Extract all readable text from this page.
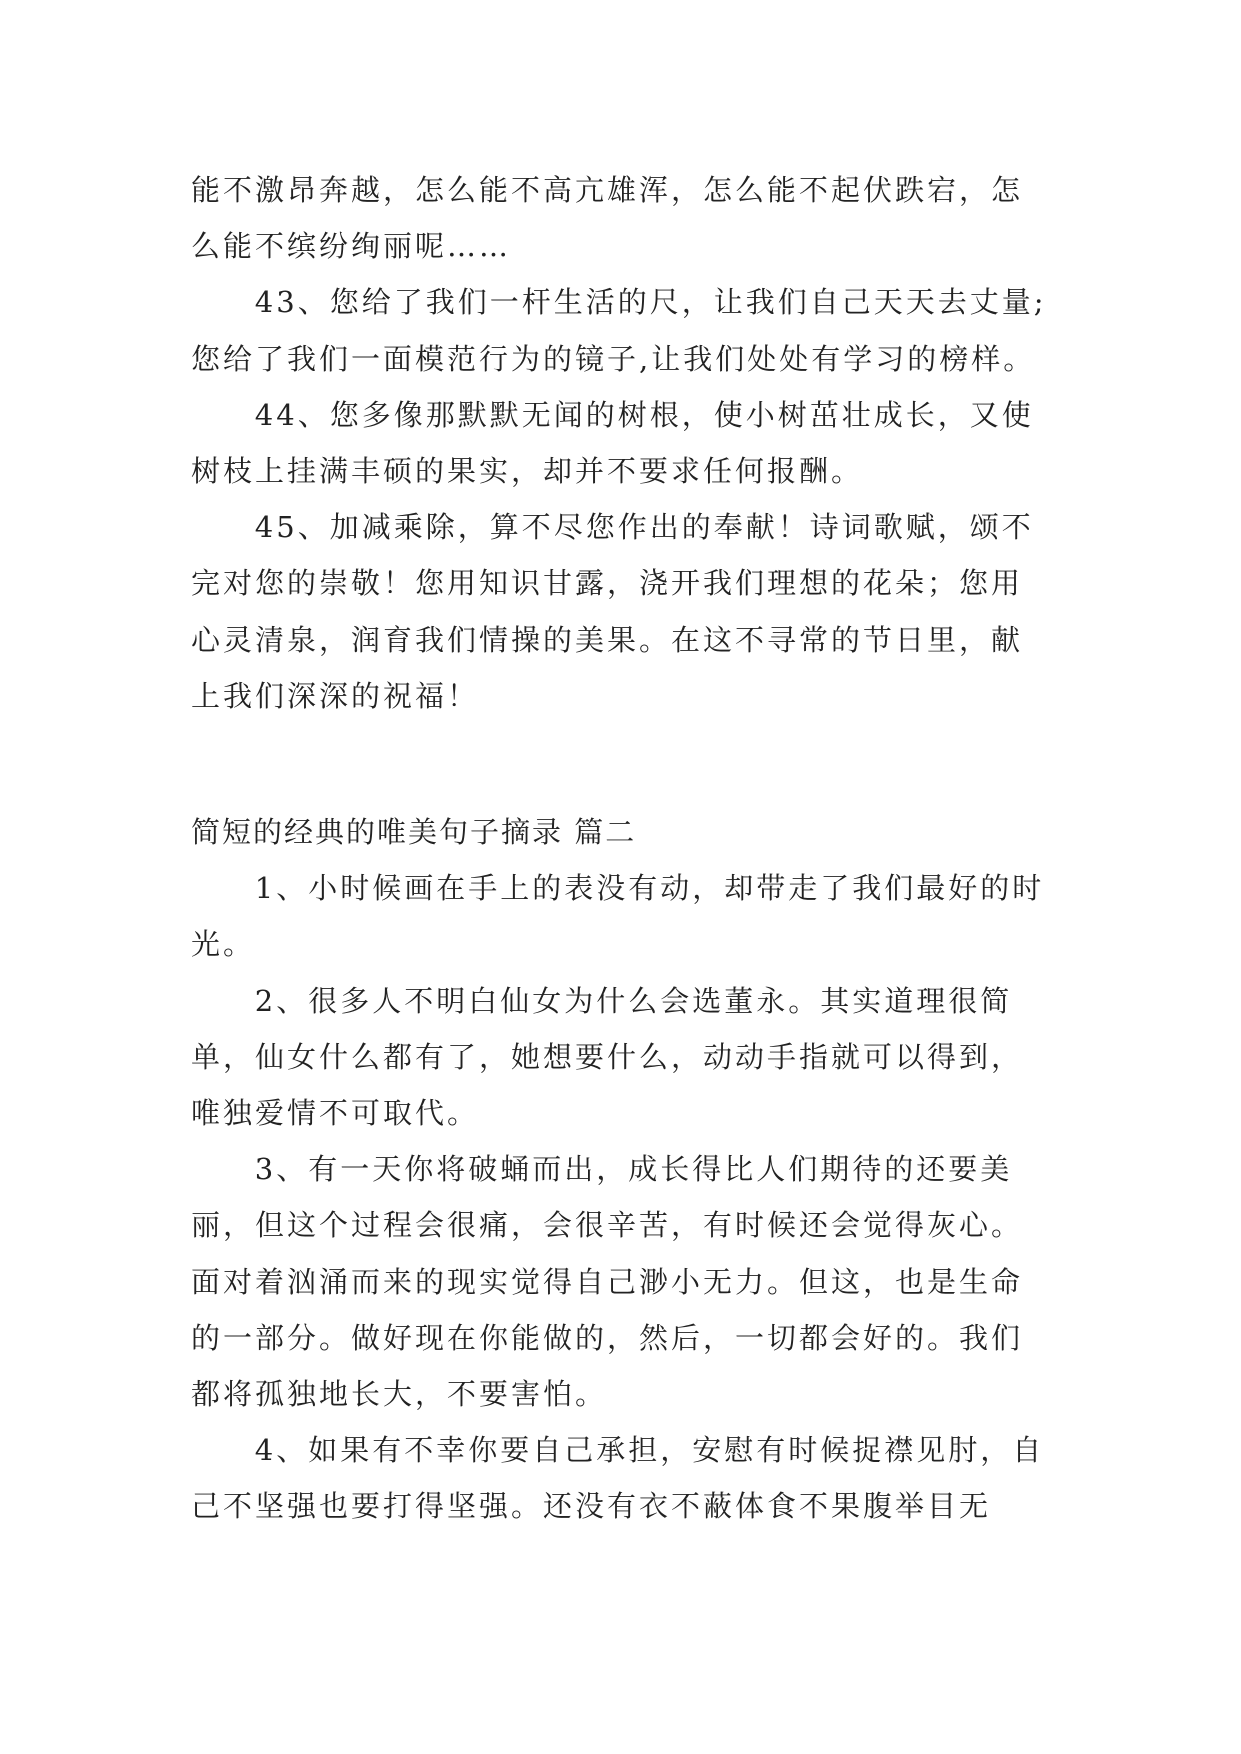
能不激昂奔越，怎么能不高亢雄浑，怎么能不起伏跌宕，怎么能不缤纷绚丽呢……

43、您给了我们一杆生活的尺，让我们自己天天去丈量;您给了我们一面模范行为的镜子,让我们处处有学习的榜样。

44、您多像那默默无闻的树根，使小树茁壮成长，又使树枝上挂满丰硕的果实，却并不要求任何报酬。

45、加减乘除，算不尽您作出的奉献！诗词歌赋，颂不完对您的崇敬！您用知识甘露，浇开我们理想的花朵；您用心灵清泉，润育我们情操的美果。在这不寻常的节日里，献上我们深深的祝福！

简短的经典的唯美句子摘录 篇二

1、小时候画在手上的表没有动，却带走了我们最好的时光。

2、很多人不明白仙女为什么会选董永。其实道理很简单，仙女什么都有了，她想要什么，动动手指就可以得到，唯独爱情不可取代。

3、有一天你将破蛹而出，成长得比人们期待的还要美丽，但这个过程会很痛，会很辛苦，有时候还会觉得灰心。面对着汹涌而来的现实觉得自己渺小无力。但这，也是生命的一部分。做好现在你能做的，然后，一切都会好的。我们都将孤独地长大，不要害怕。

4、如果有不幸你要自己承担，安慰有时候捉襟见肘，自己不坚强也要打得坚强。还没有衣不蔽体食不果腹举目无
